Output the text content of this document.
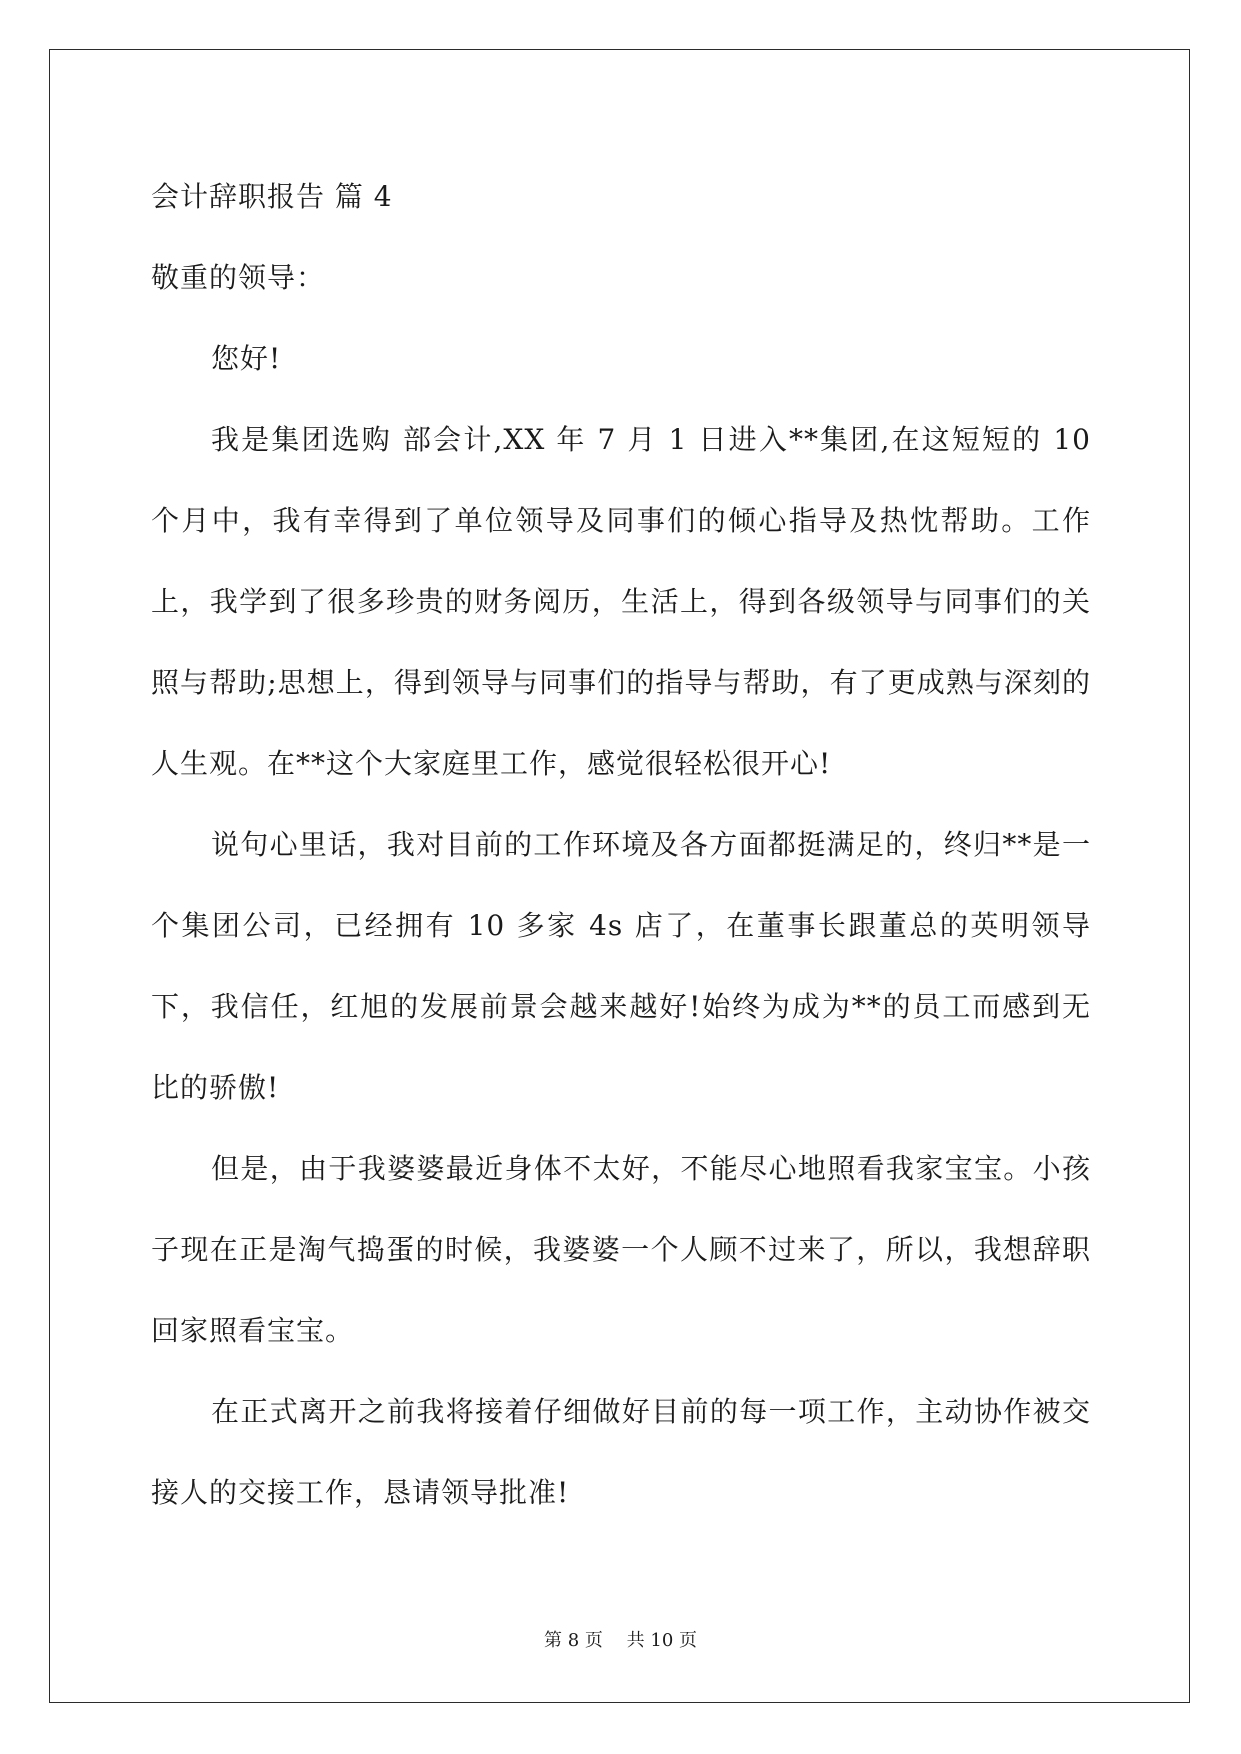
会计辞职报告 篇 4

敬重的领导：

您好!

我是集团选购 部会计,XX 年 7 月 1 日进入**集团,在这短短的 10 个月中，我有幸得到了单位领导及同事们的倾心指导及热忱帮助。工作上，我学到了很多珍贵的财务阅历，生活上，得到各级领导与同事们的关照与帮助;思想上，得到领导与同事们的指导与帮助，有了更成熟与深刻的人生观。在**这个大家庭里工作，感觉很轻松很开心!

说句心里话，我对目前的工作环境及各方面都挺满足的，终归**是一个集团公司，已经拥有 10 多家 4s 店了，在董事长跟董总的英明领导下，我信任，红旭的发展前景会越来越好!始终为成为**的员工而感到无比的骄傲!

但是，由于我婆婆最近身体不太好，不能尽心地照看我家宝宝。小孩子现在正是淘气捣蛋的时候，我婆婆一个人顾不过来了，所以，我想辞职回家照看宝宝。

在正式离开之前我将接着仔细做好目前的每一项工作，主动协作被交接人的交接工作，恳请领导批准!

第 8 页 共 10 页
